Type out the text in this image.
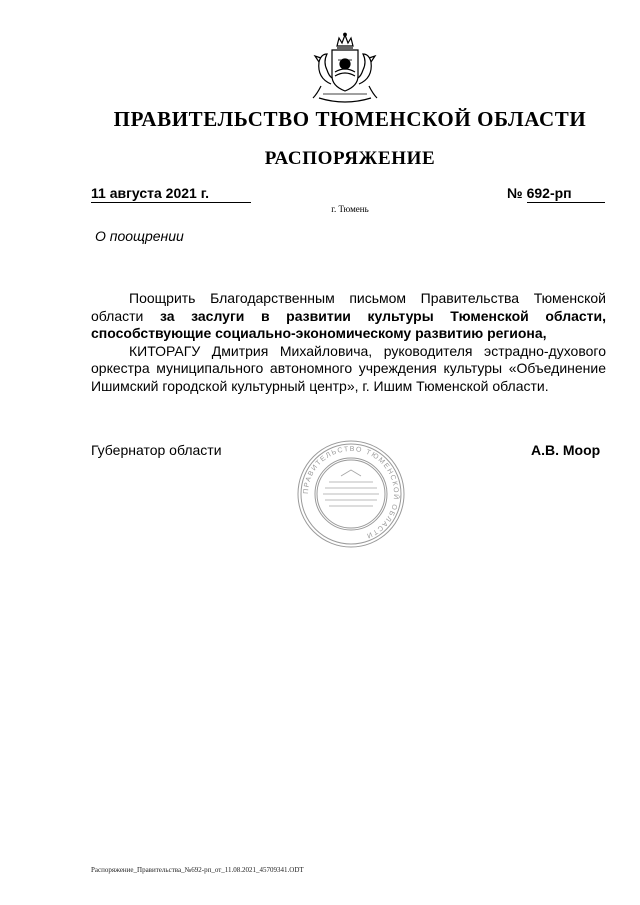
ПРАВИТЕЛЬСТВО ТЮМЕНСКОЙ ОБЛАСТИ
РАСПОРЯЖЕНИЕ
11 августа 2021 г.	№ 692-рп
г. Тюмень
О поощрении

Поощрить Благодарственным письмом Правительства Тюменской области за заслуги в развитии культуры Тюменской области, способствующие социально-экономическому развитию региона,

КИТОРАГУ Дмитрия Михайловича, руководителя эстрадно-духового оркестра муниципального автономного учреждения культуры «Объединение Ишимский городской культурный центр», г. Ишим Тюменской области.

Губернатор области	А.В. Моор
ПРАВИТЕЛЬСТВО ТЮМЕНСКОЙ ОБЛАСТИ
Распоряжение_Правительства_№692-рп_от_11.08.2021_45709341.ODT
